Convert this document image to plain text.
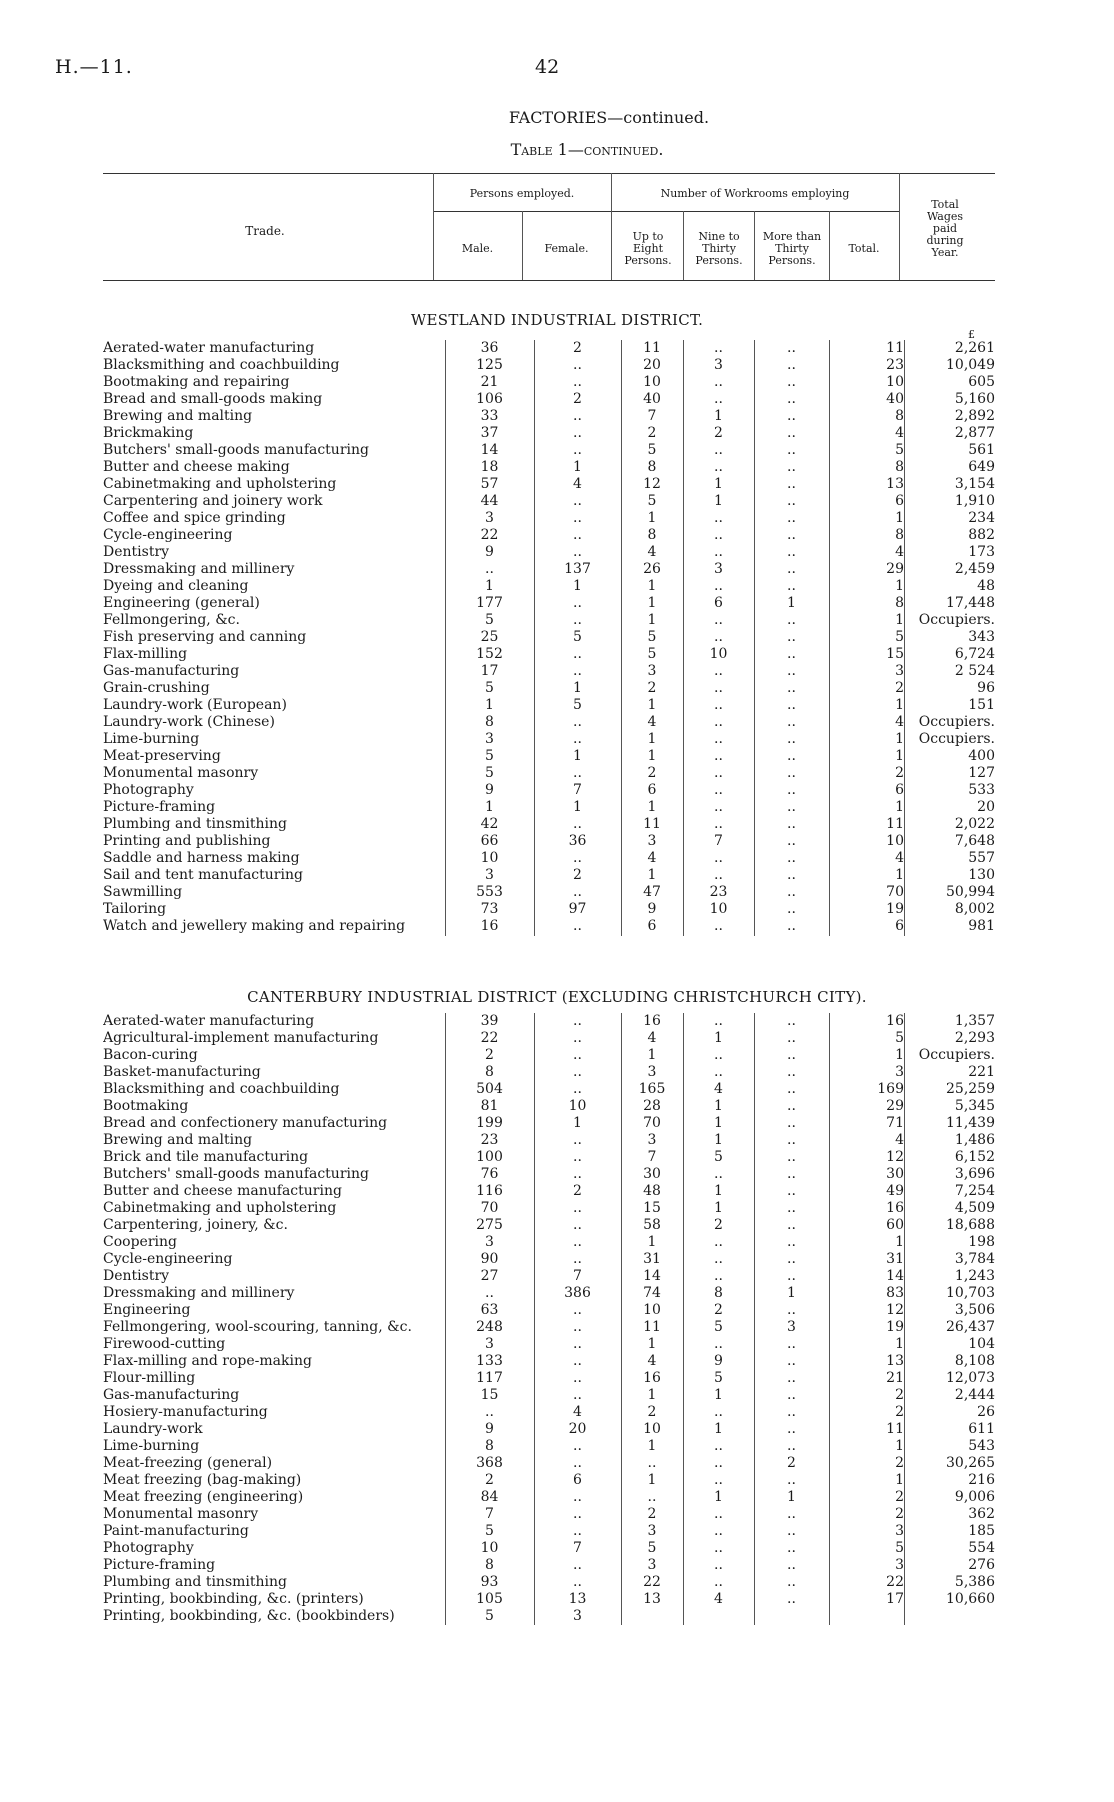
H.—11.	42
FACTORIES—continued.
Table 1—continued.
Trade.
Persons employed.
Male.	Female.
Number of Workrooms employing
Up to Eight Persons.
Nine to Thirty Persons.
More than Thirty Persons.
Total.
Total Wages paid during Year.
WESTLAND INDUSTRIAL DISTRICT.
£
Aerated-water manufacturing		36	2	11	..	..	11	2,261
Blacksmithing and coachbuilding		125	..	20	3	..	23	10,049
Bootmaking and repairing		21	..	10	..	..	10	605
Bread and small-goods making		106	2	40	..	..	40	5,160
Brewing and malting		33	..	7	1	..	8	2,892
Brickmaking		37	..	2	2	..	4	2,877
Butchers' small-goods manufacturing		14	..	5	..	..	5	561
Butter and cheese making		18	1	8	..	..	8	649
Cabinetmaking and upholstering		57	4	12	1	..	13	3,154
Carpentering and joinery work		44	..	5	1	..	6	1,910
Coffee and spice grinding		3	..	1	..	..	1	234
Cycle-engineering		22	..	8	..	..	8	882
Dentistry		9	..	4	..	..	4	173
Dressmaking and millinery		..	137	26	3	..	29	2,459
Dyeing and cleaning		1	1	1	..	..	1	48
Engineering (general)		177	..	1	6	1	8	17,448
Fellmongering, &c.		5	..	1	..	..	1	Occupiers.
Fish preserving and canning		25	5	5	..	..	5	343
Flax-milling		152	..	5	10	..	15	6,724
Gas-manufacturing		17	..	3	..	..	3	2 524
Grain-crushing		5	1	2	..	..	2	96
Laundry-work (European)		1	5	1	..	..	1	151
Laundry-work (Chinese)		8	..	4	..	..	4	Occupiers.
Lime-burning		3	..	1	..	..	1	Occupiers.
Meat-preserving		5	1	1	..	..	1	400
Monumental masonry		5	..	2	..	..	2	127
Photography		9	7	6	..	..	6	533
Picture-framing		1	1	1	..	..	1	20
Plumbing and tinsmithing		42	..	11	..	..	11	2,022
Printing and publishing		66	36	3	7	..	10	7,648
Saddle and harness making		10	..	4	..	..	4	557
Sail and tent manufacturing		3	2	1	..	..	1	130
Sawmilling		553	..	47	23	..	70	50,994
Tailoring		73	97	9	10	..	19	8,002
Watch and jewellery making and repairing		16	..	6	..	..	6	981
CANTERBURY INDUSTRIAL DISTRICT (EXCLUDING CHRISTCHURCH CITY).
Aerated-water manufacturing		39	..	16	..	..	16	1,357
Agricultural-implement manufacturing		22	..	4	1	..	5	2,293
Bacon-curing		2	..	1	..	..	1	Occupiers.
Basket-manufacturing		8	..	3	..	..	3	221
Blacksmithing and coachbuilding		504	..	165	4	..	169	25,259
Bootmaking		81	10	28	1	..	29	5,345
Bread and confectionery manufacturing		199	1	70	1	..	71	11,439
Brewing and malting		23	..	3	1	..	4	1,486
Brick and tile manufacturing		100	..	7	5	..	12	6,152
Butchers' small-goods manufacturing		76	..	30	..	..	30	3,696
Butter and cheese manufacturing		116	2	48	1	..	49	7,254
Cabinetmaking and upholstering		70	..	15	1	..	16	4,509
Carpentering, joinery, &c.		275	..	58	2	..	60	18,688
Coopering		3	..	1	..	..	1	198
Cycle-engineering		90	..	31	..	..	31	3,784
Dentistry		27	7	14	..	..	14	1,243
Dressmaking and millinery		..	386	74	8	1	83	10,703
Engineering		63	..	10	2	..	12	3,506
Fellmongering, wool-scouring, tanning, &c.		248	..	11	5	3	19	26,437
Firewood-cutting		3	..	1	..	..	1	104
Flax-milling and rope-making		133	..	4	9	..	13	8,108
Flour-milling		117	..	16	5	..	21	12,073
Gas-manufacturing		15	..	1	1	..	2	2,444
Hosiery-manufacturing		..	4	2	..	..	2	26
Laundry-work		9	20	10	1	..	11	611
Lime-burning		8	..	1	..	..	1	543
Meat-freezing (general)		368	..	..	..	2	2	30,265
Meat freezing (bag-making)		2	6	1	..	..	1	216
Meat freezing (engineering)		84	..	..	1	1	2	9,006
Monumental masonry		7	..	2	..	..	2	362
Paint-manufacturing		5	..	3	..	..	3	185
Photography		10	7	5	..	..	5	554
Picture-framing		8	..	3	..	..	3	276
Plumbing and tinsmithing		93	..	22	..	..	22	5,386
Printing, bookbinding, &c. (printers)		105	13	13	4	..	17	10,660
Printing, bookbinding, &c. (bookbinders)		5	3					
